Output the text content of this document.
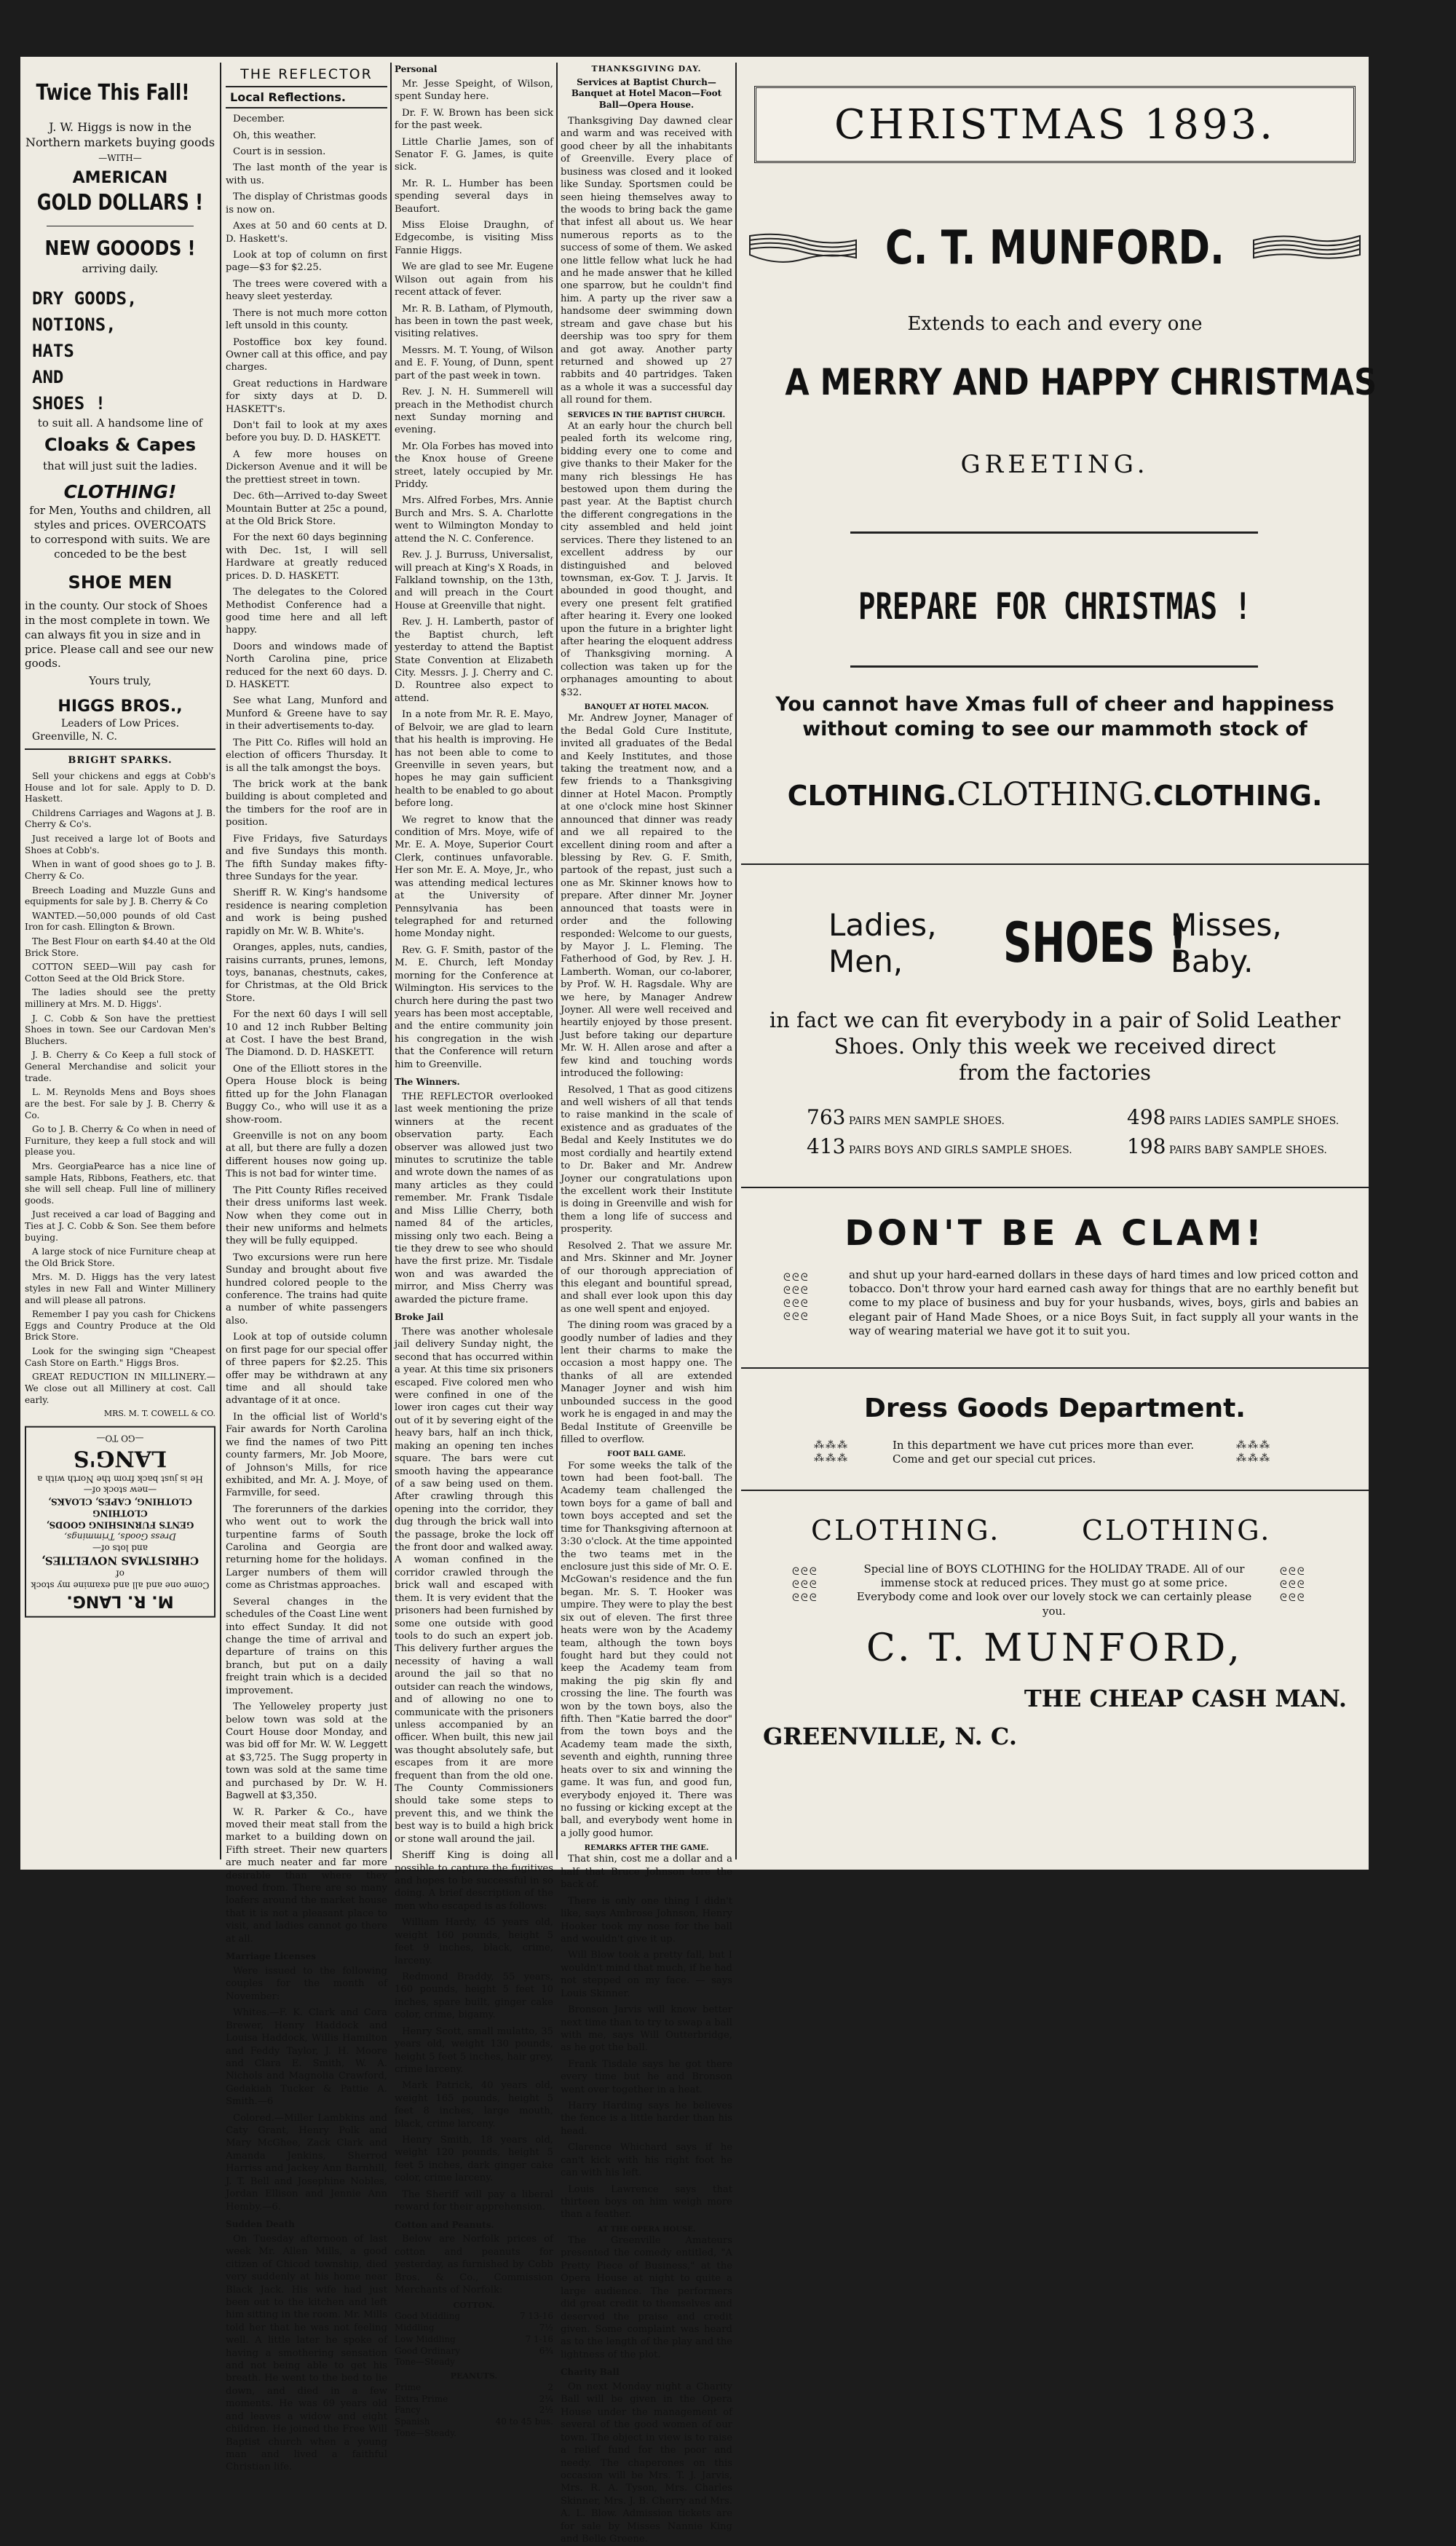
Twice This Fall!
J. W. Higgs is now in the Northern markets buying goods
—WITH—
AMERICAN
GOLD DOLLARS !
NEW GOOODS !
arriving daily.
DRY GOODS,
NOTIONS,
HATS
AND
SHOES !
to suit all. A handsome line of
Cloaks & Capes
that will just suit the ladies.
CLOTHING!
for Men, Youths and children, all styles and prices. OVERCOATS to correspond with suits. We are conceded to be the best
SHOE MEN
in the county. Our stock of Shoes in the most complete in town. We can always fit you in size and in price. Please call and see our new goods.
Yours truly,
HIGGS BROS.,
Leaders of Low Prices.
Greenville, N. C.
BRIGHT SPARKS.

Sell your chickens and eggs at Cobb's House and lot for sale. Apply to D. D. Haskett.

Childrens Carriages and Wagons at J. B. Cherry & Co's.

Just received a large lot of Boots and Shoes at Cobb's.

When in want of good shoes go to J. B. Cherry & Co.

Breech Loading and Muzzle Guns and equipments for sale by J. B. Cherry & Co

WANTED.—50,000 pounds of old Cast Iron for cash. Ellington & Brown.

The Best Flour on earth $4.40 at the Old Brick Store.

COTTON SEED—Will pay cash for Cotton Seed at the Old Brick Store.

The ladies should see the pretty millinery at Mrs. M. D. Higgs'.

J. C. Cobb & Son have the prettiest Shoes in town. See our Cardovan Men's Bluchers.

J. B. Cherry & Co Keep a full stock of General Merchandise and solicit your trade.

L. M. Reynolds Mens and Boys shoes are the best. For sale by J. B. Cherry & Co.

Go to J. B. Cherry & Co when in need of Furniture, they keep a full stock and will please you.

Mrs. GeorgiaPearce has a nice line of sample Hats, Ribbons, Feathers, etc. that she will sell cheap. Full line of millinery goods.

Just received a car load of Bagging and Ties at J. C. Cobb & Son. See them before buying.

A large stock of nice Furniture cheap at the Old Brick Store.

Mrs. M. D. Higgs has the very latest styles in new Fall and Winter Millinery and will please all patrons.

Remember I pay you cash for Chickens Eggs and Country Produce at the Old Brick Store.

Look for the swinging sign "Cheapest Cash Store on Earth." Higgs Bros.

GREAT REDUCTION IN MILLINERY.—We close out all Millinery at cost. Call early.

MRS. M. T. COWELL & CO.
M. R. LANG.
Come one and all and examine my stock of
CHRISTMAS NOVELTIES,
and lots of—
Dress Goods, Trimmings,
GENTS FURNISHING GOODS, CLOTHING
CLOTHING, CAPES, CLOAKS,
—new stock of—
He is just back from the North with a
LANG'S
—GO TO—
THE REFLECTOR
Local Reflections.

December.

Oh, this weather.

Court is in session.

The last month of the year is with us.

The display of Christmas goods is now on.

Axes at 50 and 60 cents at D. D. Haskett's.

Look at top of column on first page—$3 for $2.25.

The trees were covered with a heavy sleet yesterday.

There is not much more cotton left unsold in this county.

Postoffice box key found. Owner call at this office, and pay charges.

Great reductions in Hardware for sixty days at D. D. HASKETT's.

Don't fail to look at my axes before you buy. D. D. HASKETT.

A few more houses on Dickerson Avenue and it will be the prettiest street in town.

Dec. 6th—Arrived to-day Sweet Mountain Butter at 25c a pound, at the Old Brick Store.

For the next 60 days beginning with Dec. 1st, I will sell Hardware at greatly reduced prices. D. D. HASKETT.

The delegates to the Colored Methodist Conference had a good time here and all left happy.

Doors and windows made of North Carolina pine, price reduced for the next 60 days. D. D. HASKETT.

See what Lang, Munford and Munford & Greene have to say in their advertisements to-day.

The Pitt Co. Rifles will hold an election of officers Thursday. It is all the talk amongst the boys.

The brick work at the bank building is about completed and the timbers for the roof are in position.

Five Fridays, five Saturdays and five Sundays this month. The fifth Sunday makes fifty-three Sundays for the year.

Sheriff R. W. King's handsome residence is nearing completion and work is being pushed rapidly on Mr. W. B. White's.

Oranges, apples, nuts, candies, raisins currants, prunes, lemons, toys, bananas, chestnuts, cakes, for Christmas, at the Old Brick Store.

For the next 60 days I will sell 10 and 12 inch Rubber Belting at Cost. I have the best Brand, The Diamond. D. D. HASKETT.

One of the Elliott stores in the Opera House block is being fitted up for the John Flanagan Buggy Co., who will use it as a show-room.

Greenville is not on any boom at all, but there are fully a dozen different houses now going up. This is not bad for winter time.

The Pitt County Rifles received their dress uniforms last week. Now when they come out in their new uniforms and helmets they will be fully equipped.

Two excursions were run here Sunday and brought about five hundred colored people to the conference. The trains had quite a number of white passengers also.

Look at top of outside column on first page for our special offer of three papers for $2.25. This offer may be withdrawn at any time and all should take advantage of it at once.

In the official list of World's Fair awards for North Carolina we find the names of two Pitt county farmers, Mr. Job Moore, of Johnson's Mills, for rice exhibited, and Mr. A. J. Moye, of Farmville, for seed.

The forerunners of the darkies who went out to work the turpentine farms of South Carolina and Georgia are returning home for the holidays. Larger numbers of them will come as Christmas approaches.

Several changes in the schedules of the Coast Line went into effect Sunday. It did not change the time of arrival and departure of trains on this branch, but put on a daily freight train which is a decided improvement.

The Yelloweley property just below town was sold at the Court House door Monday, and was bid off for Mr. W. W. Leggett at $3,725. The Sugg property in town was sold at the same time and purchased by Dr. W. H. Bagwell at $3,350.

W. R. Parker & Co., have moved their meat stall from the market to a building down on Fifth street. Their new quarters are much neater and far more desirable than where they moved from. There are so many loafers around the market house that it is not a pleasant place to visit, and ladies cannot go there at all.

Marriage Licenses

Were issued to the following couples for the month of November:

Whites.—F. K. Clark and Cora Brewer, Henry Haddock and Louisa Haddock, Willis Hamilton and Feddy Taylor, J. H. Moore and Clara E. Smith, W. A. Nichols and Magnolia Crawford, Gedakiah Tucker & Pattie A. Smith.—6

Colored.—Miller Lambkins and Caty Grant, Henry Polk and Mary McGhee, Zack Clark and Amanda Jenkins, Sherrod Harriss and Jackey Ann Barnhill, J. T. Bell and Josephine Nobles, Jordan Ellison and Jennie Ann Hemby.—6.

Sudden Death

On Tuesday afternoon of last week Mr. Allen Mills, a good citizen of Chicod township, died very suddenly at his home near Black Jack. His wife had just been out to the kitchen and left him sitting in the room. Mr. Mills told her that he was not feeling well. A little later he spoke of having a smothering sensation and not being able to get his breath. He went to the bed to lie down, and died in a few moments. He was 69 years old and leaves a widow and eight children. He joined the Free Will Baptist church when a young man and lived a faithful Christian life.

Personal

Mr. Jesse Speight, of Wilson, spent Sunday here.

Dr. F. W. Brown has been sick for the past week.

Little Charlie James, son of Senator F. G. James, is quite sick.

Mr. R. L. Humber has been spending several days in Beaufort.

Miss Eloise Draughn, of Edgecombe, is visiting Miss Fannie Higgs.

We are glad to see Mr. Eugene Wilson out again from his recent attack of fever.

Mr. R. B. Latham, of Plymouth, has been in town the past week, visiting relatives.

Messrs. M. T. Young, of Wilson and E. F. Young, of Dunn, spent part of the past week in town.

Rev. J. N. H. Summerell will preach in the Methodist church next Sunday morning and evening.

Mr. Ola Forbes has moved into the Knox house of Greene street, lately occupied by Mr. Priddy.

Mrs. Alfred Forbes, Mrs. Annie Burch and Mrs. S. A. Charlotte went to Wilmington Monday to attend the N. C. Conference.

Rev. J. J. Burruss, Universalist, will preach at King's X Roads, in Falkland township, on the 13th, and will preach in the Court House at Greenville that night.

Rev. J. H. Lamberth, pastor of the Baptist church, left yesterday to attend the Baptist State Convention at Elizabeth City. Messrs. J. J. Cherry and C. D. Rountree also expect to attend.

In a note from Mr. R. E. Mayo, of Belvoir, we are glad to learn that his health is improving. He has not been able to come to Greenville in seven years, but hopes he may gain sufficient health to be enabled to go about before long.

We regret to know that the condition of Mrs. Moye, wife of Mr. E. A. Moye, Superior Court Clerk, continues unfavorable. Her son Mr. E. A. Moye, Jr., who was attending medical lectures at the University of Pennsylvania has been telegraphed for and returned home Monday night.

Rev. G. F. Smith, pastor of the M. E. Church, left Monday morning for the Conference at Wilmington. His services to the church here during the past two years has been most acceptable, and the entire community join his congregation in the wish that the Conference will return him to Greenville.

The Winners.

THE REFLECTOR overlooked last week mentioning the prize winners at the recent observation party. Each observer was allowed just two minutes to scrutinize the table and wrote down the names of as many articles as they could remember. Mr. Frank Tisdale and Miss Lillie Cherry, both named 84 of the articles, missing only two each. Being a tie they drew to see who should have the first prize. Mr. Tisdale won and was awarded the mirror, and Miss Cherry was awarded the picture frame.

Broke Jail

There was another wholesale jail delivery Sunday night, the second that has occurred within a year. At this time six prisoners escaped. Five colored men who were confined in one of the lower iron cages cut their way out of it by severing eight of the heavy bars, half an inch thick, making an opening ten inches square. The bars were cut smooth having the appearance of a saw being used on them. After crawling through this opening into the corridor, they dug through the brick wall into the passage, broke the lock off the front door and walked away. A woman confined in the corridor crawled through the brick wall and escaped with them. It is very evident that the prisoners had been furnished by some one outside with good tools to do such an expert job. This delivery further argues the necessity of having a wall around the jail so that no outsider can reach the windows, and of allowing no one to communicate with the prisoners unless accompanied by an officer. When built, this new jail was thought absolutely safe, but escapes from it are more frequent than from the old one. The County Commissioners should take some steps to prevent this, and we think the best way is to build a high brick or stone wall around the jail.

Sheriff King is doing all possible to capture the fugitives and hopes to be successful in so doing. A brief description of the men who escaped is as follows:

William Hardy, 45 years old, weight 160 pounds, height 5 feet 9 inches, black, crime, larceny.

Redmond Braddy, 55 years, 160 pounds, height 5 feet 10 inches, spare built, ginger cake color, crime, bigamy.

Henry Scott, small mulatto, 35 years old, weight 130 pounds, height 5 feet 5 inches, hair grey, crime larceny.

Mark Patrick, 40 years old, weight 165 pounds, height 5 feet 8 inches, large mouth, black, crime larceny.

Henry Smith, 18 years old, weight 120 pounds, height 5 feet 5 inches, dark ginger cake color, crime larceny.

The Sheriff will pay a liberal reward for their apprehension.

Cotton and Peanuts.

Below are Norfolk prices of cotton and peanuts for yesterday, as furnished by Cobb Bros. & Co., Commission Merchants of Norfolk:

COTTON.
Good Middling	7 13-16
Middling	7½
Low Middling	7 1-16
Good Ordinary	6¾
Tone—Steady
PEANUTS.
Prime	2
Extra Prime	2¼
Fancy	2½
Spanish	40 to 45 bus.
Tone—Steady.
THANKSGIVING DAY.
Services at Baptist Church—Banquet at Hotel Macon—Foot Ball—Opera House.

Thanksgiving Day dawned clear and warm and was received with good cheer by all the inhabitants of Greenville. Every place of business was closed and it looked like Sunday. Sportsmen could be seen hieing themselves away to the woods to bring back the game that infest all about us. We hear numerous reports as to the success of some of them. We asked one little fellow what luck he had and he made answer that he killed one sparrow, but he couldn't find him. A party up the river saw a handsome deer swimming down stream and gave chase but his deership was too spry for them and got away. Another party returned and showed up 27 rabbits and 40 partridges. Taken as a whole it was a successful day all round for them.

SERVICES IN THE BAPTIST CHURCH.

At an early hour the church bell pealed forth its welcome ring, bidding every one to come and give thanks to their Maker for the many rich blessings He has bestowed upon them during the past year. At the Baptist church the different congregations in the city assembled and held joint services. There they listened to an excellent address by our distinguished and beloved townsman, ex-Gov. T. J. Jarvis. It abounded in good thought, and every one present felt gratified after hearing it. Every one looked upon the future in a brighter light after hearing the eloquent address of Thanksgiving morning. A collection was taken up for the orphanages amounting to about $32.

BANQUET AT HOTEL MACON.

Mr. Andrew Joyner, Manager of the Bedal Gold Cure Institute, invited all graduates of the Bedal and Keely Institutes, and those taking the treatment now, and a few friends to a Thanksgiving dinner at Hotel Macon. Promptly at one o'clock mine host Skinner announced that dinner was ready and we all repaired to the excellent dining room and after a blessing by Rev. G. F. Smith, partook of the repast, just such a one as Mr. Skinner knows how to prepare. After dinner Mr. Joyner announced that toasts were in order and the following responded: Welcome to our guests, by Mayor J. L. Fleming. The Fatherhood of God, by Rev. J. H. Lamberth. Woman, our co-laborer, by Prof. W. H. Ragsdale. Why are we here, by Manager Andrew Joyner. All were well received and heartily enjoyed by those present. Just before taking our departure Mr. W. H. Allen arose and after a few kind and touching words introduced the following:

Resolved, 1 That as good citizens and well wishers of all that tends to raise mankind in the scale of existence and as graduates of the Bedal and Keely Institutes we do most cordially and heartily extend to Dr. Baker and Mr. Andrew Joyner our congratulations upon the excellent work their Institute is doing in Greenville and wish for them a long life of success and prosperity.

Resolved 2. That we assure Mr. and Mrs. Skinner and Mr. Joyner of our thorough appreciation of this elegant and bountiful spread, and shall ever look upon this day as one well spent and enjoyed.

The dining room was graced by a goodly number of ladies and they lent their charms to make the occasion a most happy one. The thanks of all are extended Manager Joyner and wish him unbounded success in the good work he is engaged in and may the Bedal Institute of Greenville be filled to overflow.

FOOT BALL GAME.

For some weeks the talk of the town had been foot-ball. The Academy team challenged the town boys for a game of ball and town boys accepted and set the time for Thanksgiving afternoon at 3:30 o'clock. At the time appointed the two teams met in the enclosure just this side of Mr. O. E. McGowan's residence and the fun began. Mr. S. T. Hooker was umpire. They were to play the best six out of eleven. The first three heats were won by the Academy team, although the town boys fought hard but they could not keep the Academy team from making the pig skin fly and crossing the line. The fourth was won by the town boys, also the fifth. Then "Katie barred the door" from the town boys and the Academy team made the sixth, seventh and eighth, running three heats over to six and winning the game. It was fun, and good fun, everybody enjoyed it. There was no fussing or kicking except at the ball, and everybody went home in a jolly good humor.

REMARKS AFTER THE GAME.

That shin, cost me a dollar and a half that Bruce Johnson tore the back of.

There is only one thing I didn't like, says Ambrose Johnson, Henry Hooker took my nose for the ball and wouldn't give it up.

Will Blow took a pretty fall, but I wouldn't mind that much, if he had not stepped on my face. — says Louis Skinner.

Bronson Jarvis will know better next time than to try to swap a ball with me, says Will Outterbridge, as he got the ball.

Frank Tisdale says he got there every time but he and Bronson went over together in a heat.

Harry Harding says he believes the fence is a little harder than his head.

Clarence Whichard says if he can't kick with his right foot he can with his left.

Louis Lawrence says that thirteen boys on him weigh more than a feather.

AT THE OPERA HOUSE.

The Greenville Amateurs presented the comedy entitled, "A Pretty Piece of Business," at the Opera House at night to quite a large audience. The performers did great credit to themselves and deserved the praise and credit given. Some complaint was heard as to the length of the play and the lightness of the plot.

Charity Ball

On next Monday night a Charity Ball will be given in the Opera House under the management of several of the good women of our town. The object in view is to raise a relief fund for the poor and needy. The chaperones on this occasion will be Mrs. T. J. Jarvis, Mrs. R. A. Tyson, Mrs. Charles Skinner, Mrs. J. B. Cherry and Mrs. A. L. Blow. Admission tickets are for sale by Misses Nannie King and Belle Greene.

CHRISTMAS 1893.
C. T. MUNFORD.
Extends to each and every one
A MERRY AND HAPPY CHRISTMAS
GREETING.
PREPARE FOR CHRISTMAS !
You cannot have Xmas full of cheer and happiness
without coming to see our mammoth stock of
CLOTHING.CLOTHING.CLOTHING.
Ladies,
Men,	SHOES !
Misses,
Baby.
in fact we can fit everybody in a pair of Solid Leather
Shoes. Only this week we received direct
from the factories
763 PAIRS MEN SAMPLE SHOES.	498 PAIRS LADIES SAMPLE SHOES.
413 PAIRS BOYS AND GIRLS SAMPLE SHOES.	198 PAIRS BABY SAMPLE SHOES.
DON'T BE A CLAM!
ᘓᘓᘓ
ᘓᘓᘓ
ᘓᘓᘓ
ᘓᘓᘓ
and shut up your hard-earned dollars in these days of hard times and low priced cotton and tobacco. Don't throw your hard earned cash away for things that are no earthly benefit but come to my place of business and buy for your husbands, wives, boys, girls and babies an elegant pair of Hand Made Shoes, or a nice Boys Suit, in fact supply all your wants in the way of wearing material we have got it to suit you.
Dress Goods Department.
⁂⁂⁂
⁂⁂⁂
In this department we have cut prices more than ever. Come and get our special cut prices.
⁂⁂⁂
⁂⁂⁂
CLOTHING.	CLOTHING.
ᘓᘓᘓ
ᘓᘓᘓ
ᘓᘓᘓ
Special line of BOYS CLOTHING for the HOLIDAY TRADE. All of our immense stock at reduced prices. They must go at some price. Everybody come and look over our lovely stock we can certainly please you.
ᘓᘓᘓ
ᘓᘓᘓ
ᘓᘓᘓ
C. T. MUNFORD,
THE CHEAP CASH MAN.
GREENVILLE, N. C.
